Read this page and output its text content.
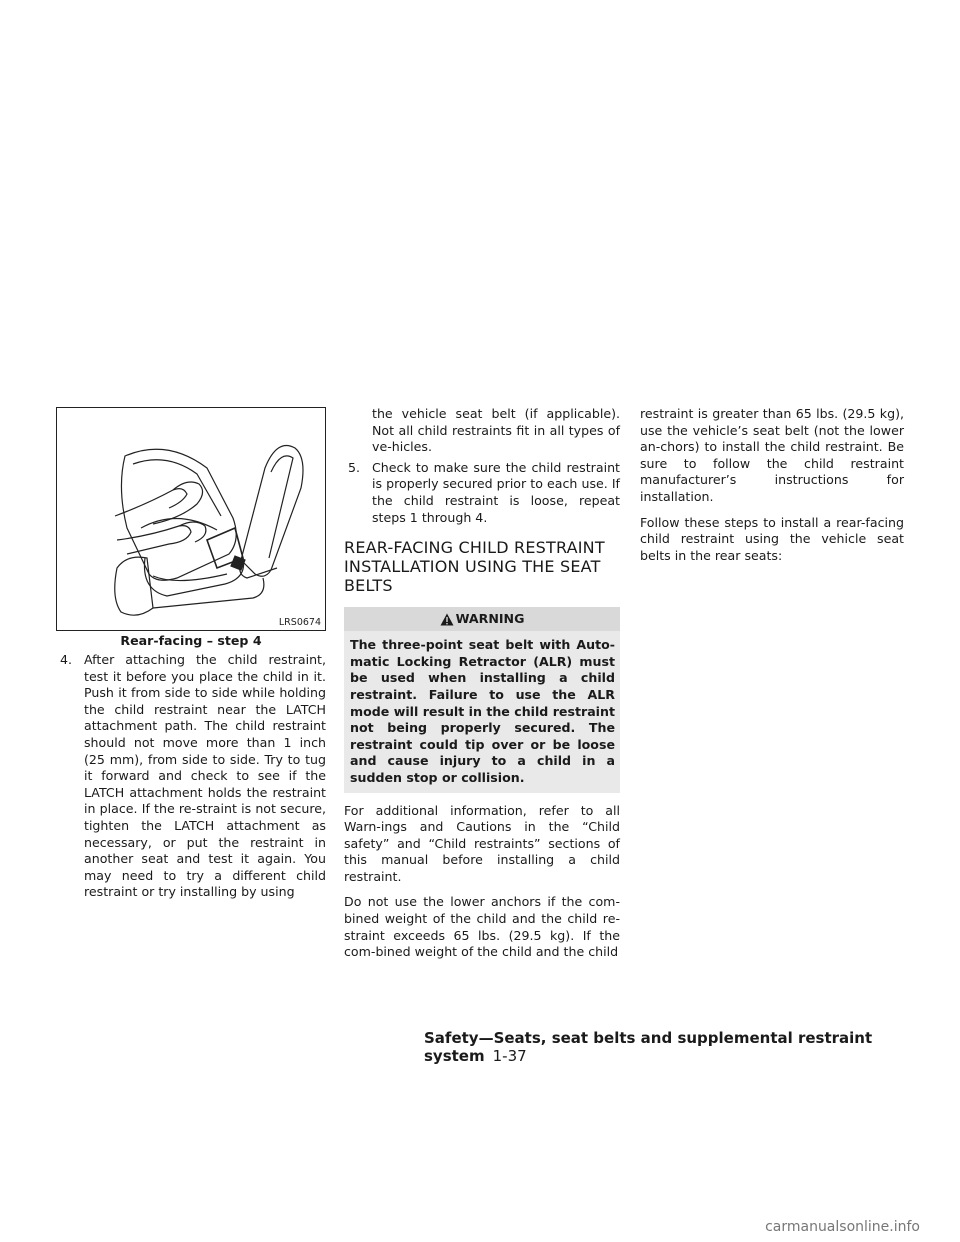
LRS0674
Rear-facing – step 4
4. After attaching the child restraint, test it before you place the child in it. Push it from side to side while holding the child restraint near the LATCH attachment path. The child restraint should not move more than 1 inch (25 mm), from side to side. Try to tug it forward and check to see if the LATCH attachment holds the restraint in place. If the re-straint is not secure, tighten the LATCH attachment as necessary, or put the restraint in another seat and test it again. You may need to try a different child restraint or try installing by using

the vehicle seat belt (if applicable). Not all child restraints fit in all types of ve-hicles.

5. Check to make sure the child restraint is properly secured prior to each use. If the child restraint is loose, repeat steps 1 through 4.
REAR-FACING CHILD RESTRAINT INSTALLATION USING THE SEAT BELTS
WARNING
The three-point seat belt with Auto-matic Locking Retractor (ALR) must be used when installing a child restraint. Failure to use the ALR mode will result in the child restraint not being properly secured. The restraint could tip over or be loose and cause injury to a child in a sudden stop or collision.

For additional information, refer to all Warn-ings and Cautions in the “Child safety” and “Child restraints” sections of this manual before installing a child restraint.

Do not use the lower anchors if the com-bined weight of the child and the child re-straint exceeds 65 lbs. (29.5 kg). If the com-bined weight of the child and the child

restraint is greater than 65 lbs. (29.5 kg), use the vehicle’s seat belt (not the lower an-chors) to install the child restraint. Be sure to follow the child restraint manufacturer’s instructions for installation.

Follow these steps to install a rear-facing child restraint using the vehicle seat belts in the rear seats:

Safety—Seats, seat belts and supplemental restraint system 1-37
carmanualsonline.info
